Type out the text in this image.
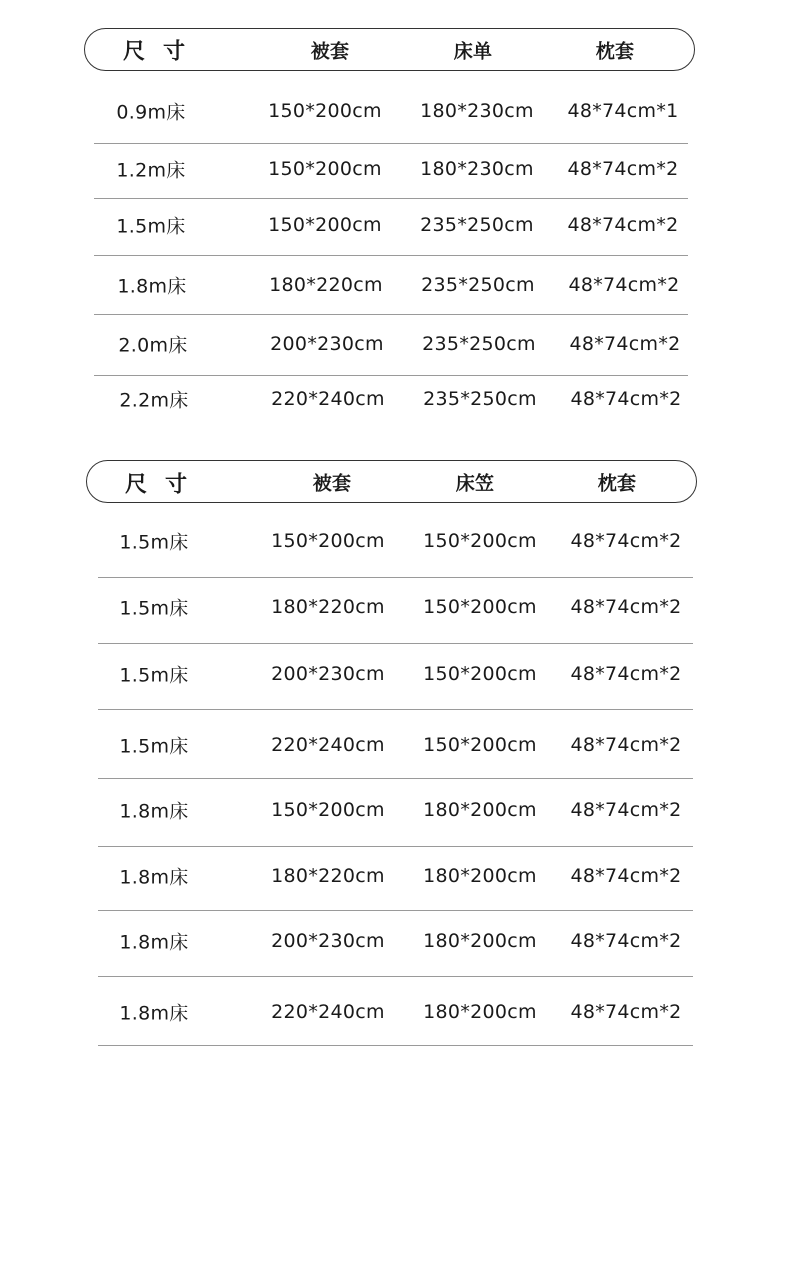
尺寸	被套	床单	枕套
0.9m床	150*200cm 180*230cm 48*74cm*1
1.2m床	150*200cm 180*230cm 48*74cm*2
1.5m床	150*200cm 235*250cm 48*74cm*2
1.8m床	180*220cm 235*250cm 48*74cm*2
2.0m床	200*230cm 235*250cm 48*74cm*2
2.2m床	220*240cm 235*250cm 48*74cm*2
尺寸	被套	床笠	枕套
1.5m床	150*200cm 150*200cm 48*74cm*2
1.5m床	180*220cm 150*200cm 48*74cm*2
1.5m床	200*230cm 150*200cm 48*74cm*2
1.5m床	220*240cm 150*200cm 48*74cm*2
1.8m床	150*200cm 180*200cm 48*74cm*2
1.8m床	180*220cm 180*200cm 48*74cm*2
1.8m床	200*230cm 180*200cm 48*74cm*2
1.8m床	220*240cm 180*200cm 48*74cm*2
